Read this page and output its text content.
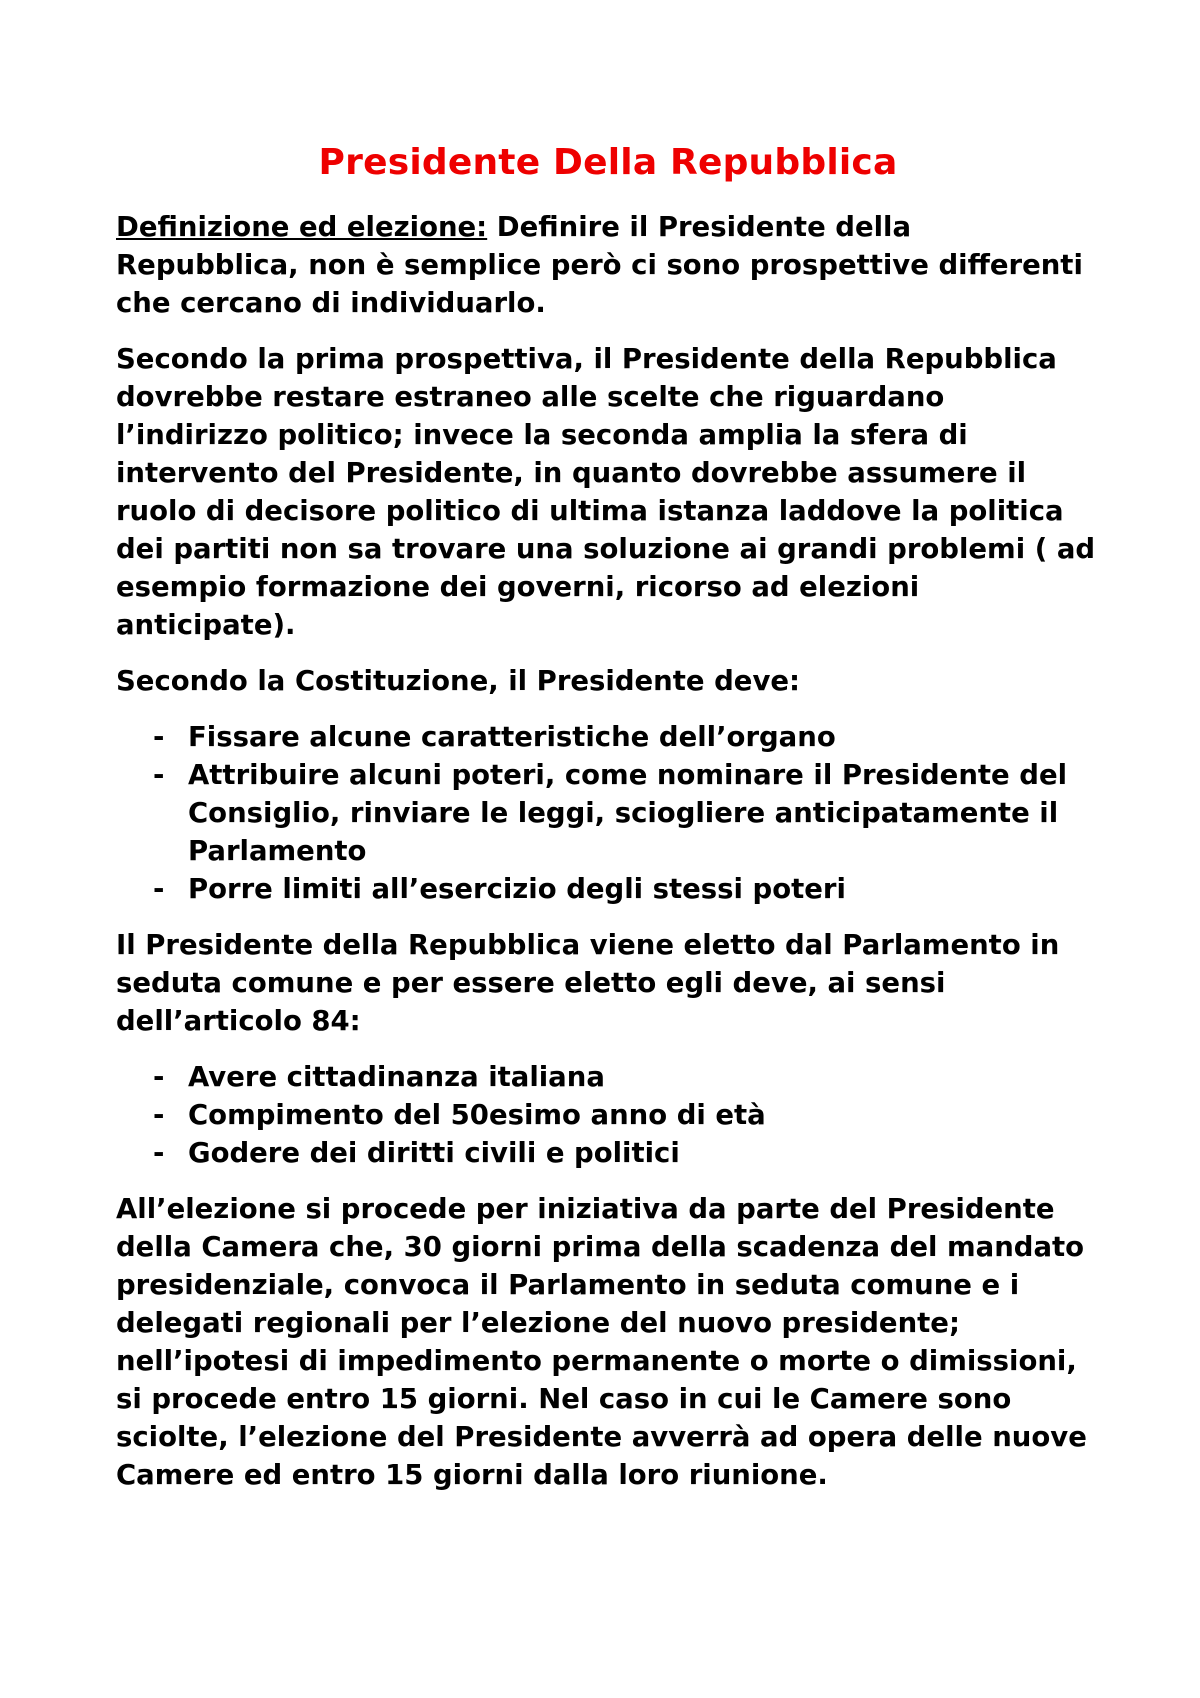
Presidente Della Repubblica

Definizione ed elezione: Definire il Presidente della Repubblica, non è semplice però ci sono prospettive differenti che cercano di individuarlo.

Secondo la prima prospettiva, il Presidente della Repubblica dovrebbe restare estraneo alle scelte che riguardano l’indirizzo politico; invece la seconda amplia la sfera di intervento del Presidente, in quanto dovrebbe assumere il ruolo di decisore politico di ultima istanza laddove la politica dei partiti non sa trovare una soluzione ai grandi problemi ( ad esempio formazione dei governi, ricorso ad elezioni anticipate).

Secondo la Costituzione, il Presidente deve:

- Fissare alcune caratteristiche dell’organo
- Attribuire alcuni poteri, come nominare il Presidente del Consiglio, rinviare le leggi, sciogliere anticipatamente il Parlamento
- Porre limiti all’esercizio degli stessi poteri

Il Presidente della Repubblica viene eletto dal Parlamento in seduta comune e per essere eletto egli deve, ai sensi dell’articolo 84:

- Avere cittadinanza italiana
- Compimento del 50esimo anno di età
- Godere dei diritti civili e politici

All’elezione si procede per iniziativa da parte del Presidente della Camera che, 30 giorni prima della scadenza del mandato presidenziale, convoca il Parlamento in seduta comune e i delegati regionali per l’elezione del nuovo presidente; nell’ipotesi di impedimento permanente o morte o dimissioni, si procede entro 15 giorni. Nel caso in cui le Camere sono sciolte, l’elezione del Presidente avverrà ad opera delle nuove Camere ed entro 15 giorni dalla loro riunione.
